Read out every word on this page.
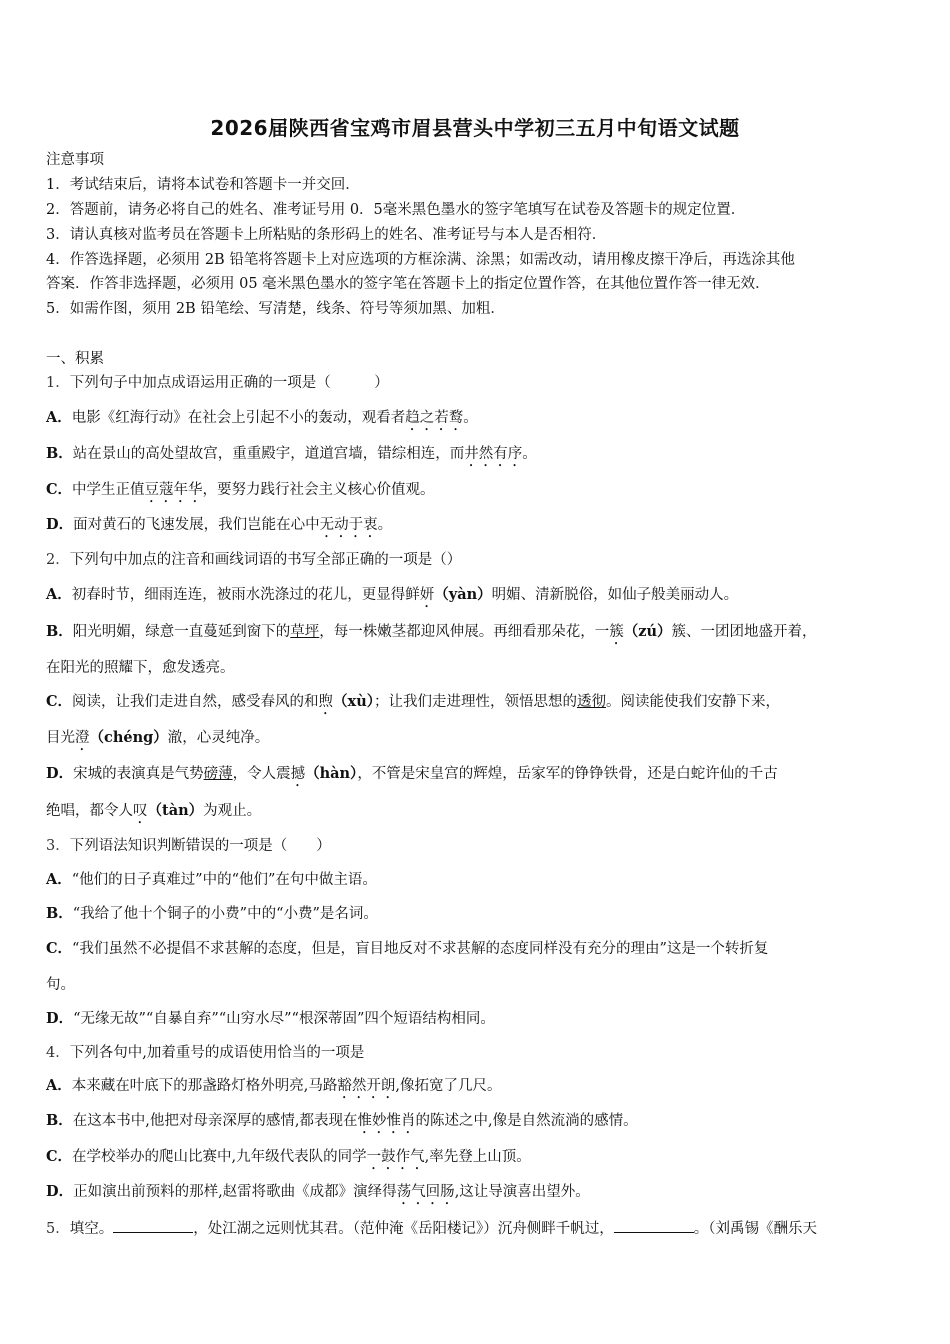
2026届陕西省宝鸡市眉县营头中学初三五月中旬语文试题
注意事项
1．考试结束后，请将本试卷和答题卡一并交回．
2．答题前，请务必将自己的姓名、准考证号用 0．5毫米黑色墨水的签字笔填写在试卷及答题卡的规定位置．
3．请认真核对监考员在答题卡上所粘贴的条形码上的姓名、准考证号与本人是否相符．
4．作答选择题，必须用 2B 铅笔将答题卡上对应选项的方框涂满、涂黑；如需改动，请用橡皮擦干净后，再选涂其他
答案．作答非选择题，必须用 05 毫米黑色墨水的签字笔在答题卡上的指定位置作答，在其他位置作答一律无效．
5．如需作图，须用 2B 铅笔绘、写清楚，线条、符号等须加黑、加粗．
一、积累
1．下列句子中加点成语运用正确的一项是（　　　）
A．电影《红海行动》在社会上引起不小的轰动，观看者趋之若鹜。
B．站在景山的高处望故宫，重重殿宇，道道宫墙，错综相连，而井然有序。
C．中学生正值豆蔻年华，要努力践行社会主义核心价值观。
D．面对黄石的飞速发展，我们岂能在心中无动于衷。
2．下列句中加点的注音和画线词语的书写全部正确的一项是（）
A．初春时节，细雨连连，被雨水洗涤过的花儿，更显得鲜妍（yàn）明媚、清新脱俗，如仙子般美丽动人。
B．阳光明媚，绿意一直蔓延到窗下的草坪，每一株嫩茎都迎风伸展。再细看那朵花，一簇（zú）簇、一团团地盛开着，
在阳光的照耀下，愈发透亮。
C．阅读，让我们走进自然，感受春风的和煦（xù）；让我们走进理性，领悟思想的透彻。阅读能使我们安静下来，
目光澄（chéng）澈，心灵纯净。
D．宋城的表演真是气势磅薄，令人震撼（hàn），不管是宋皇宫的辉煌，岳家军的铮铮铁骨，还是白蛇许仙的千古
绝唱，都令人叹（tàn）为观止。
3．下列语法知识判断错误的一项是（　　）
A．“他们的日子真难过”中的“他们”在句中做主语。
B．“我给了他十个铜子的小费”中的“小费”是名词。
C．“我们虽然不必提倡不求甚解的态度，但是，盲目地反对不求甚解的态度同样没有充分的理由”这是一个转折复
句。
D．“无缘无故”“自暴自弃”“山穷水尽”“根深蒂固”四个短语结构相同。
4．下列各句中,加着重号的成语使用恰当的一项是
A．本来藏在叶底下的那盏路灯格外明亮,马路豁然开朗,像拓宽了几尺。
B．在这本书中,他把对母亲深厚的感情,都表现在惟妙惟肖的陈述之中,像是自然流淌的感情。
C．在学校举办的爬山比赛中,九年级代表队的同学一鼓作气,率先登上山顶。
D．正如演出前预料的那样,赵雷将歌曲《成都》演绎得荡气回肠,这让导演喜出望外。
5．填空。	，处江湖之远则忧其君。（范仲淹《岳阳楼记》）沉舟侧畔千帆过，	。（刘禹锡《酬乐天
